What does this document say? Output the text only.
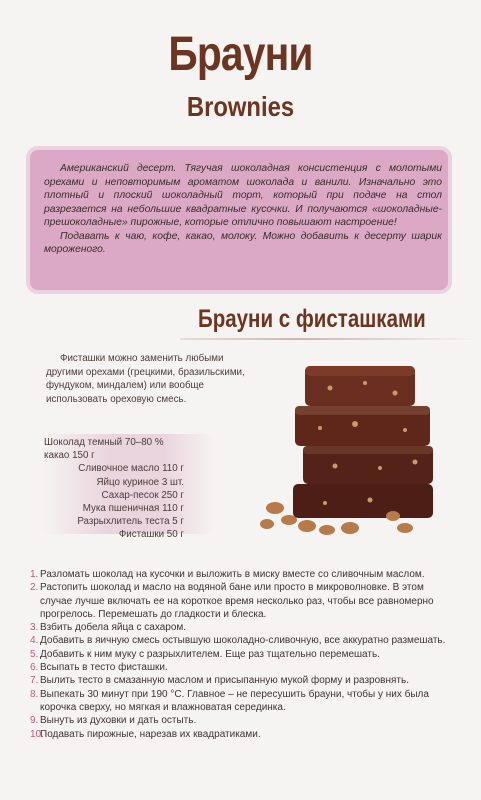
Брауни
Brownies

Американский десерт. Тягучая шоколадная консистенция с молотыми орехами и неповторимым ароматом шоколада и ванили. Изначально это плотный и плоский шоколадный торт, который при подаче на стол разрезается на небольшие квадратные кусочки. И получаются «шоколадные-прешоколадные» пирожные, которые отлично повышают настроение!

Подавать к чаю, кофе, какао, молоку. Можно добавить к десерту шарик мороженого.

Брауни с фисташками
Фисташки можно заменить любыми другими орехами (грецкими, бразильскими, фундуком, миндалем) или вообще использовать ореховую смесь.
Шоколад темный 70–80 % какао 150 г
Сливочное масло 110 г
Яйцо куриное 3 шт.
Сахар-песок 250 г
Мука пшеничная 110 г
Разрыхлитель теста 5 г
Фисташки 50 г
1. Разломать шоколад на кусочки и выложить в миску вместе со сливочным маслом.
2. Растопить шоколад и масло на водяной бане или просто в микроволновке. В этом случае лучше включать ее на короткое время несколько раз, чтобы все равномерно прогрелось. Перемешать до гладкости и блеска.
3. Взбить добела яйца с сахаром.
4. Добавить в яичную смесь остывшую шоколадно-сливочную, все аккуратно размешать.
5. Добавить к ним муку с разрыхлителем. Еще раз тщательно перемешать.
6. Всыпать в тесто фисташки.
7. Вылить тесто в смазанную маслом и присыпанную мукой форму и разровнять.
8. Выпекать 30 минут при 190 °С. Главное – не пересушить брауни, чтобы у них была корочка сверху, но мягкая и влажноватая серединка.
9. Вынуть из духовки и дать остыть.
10.
Подавать пирожные, нарезав их квадратиками.
